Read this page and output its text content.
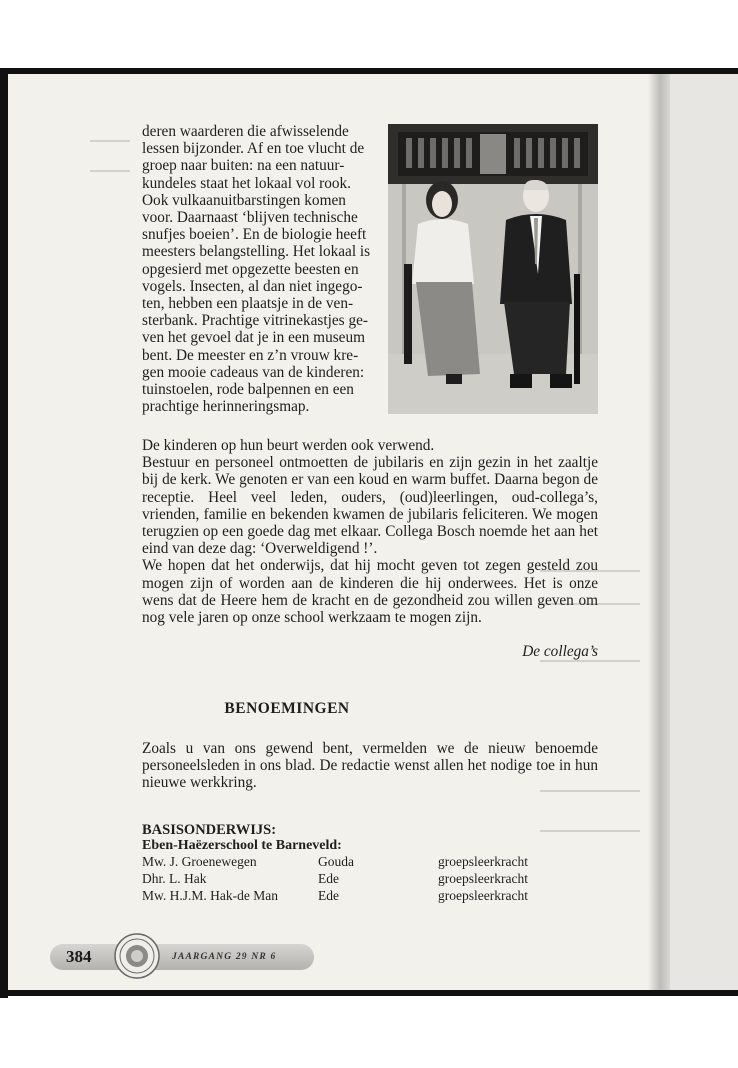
deren waarderen die afwisselende

lessen bijzonder. Af en toe vlucht de

groep naar buiten: na een natuur-

kundeles staat het lokaal vol rook.

Ook vulkaanuitbarstingen komen

voor. Daarnaast ‘blijven technische

snufjes boeien’. En de biologie heeft

meesters belangstelling. Het lokaal is

opgesierd met opgezette beesten en

vogels. Insecten, al dan niet ingego-

ten, hebben een plaatsje in de ven-

sterbank. Prachtige vitrinekastjes ge-

ven het gevoel dat je in een museum

bent. De meester en z’n vrouw kre-

gen mooie cadeaus van de kinderen:

tuinstoelen, rode balpennen en een

prachtige herinneringsmap.

De kinderen op hun beurt werden ook verwend.

Bestuur en personeel ontmoetten de jubilaris en zijn gezin in het zaaltje bij de kerk. We genoten er van een koud en warm buffet. Daarna begon de receptie. Heel veel leden, ouders, (oud)leerlingen, oud-collega’s, vrienden, familie en bekenden kwamen de jubilaris feliciteren. We mogen terugzien op een goede dag met elkaar. Collega Bosch noemde het aan het eind van deze dag: ‘Overweldigend !’.

We hopen dat het onderwijs, dat hij mocht geven tot zegen gesteld zou mogen zijn of worden aan de kinderen die hij onderwees. Het is onze wens dat de Heere hem de kracht en de gezondheid zou willen geven om nog vele jaren op onze school werkzaam te mogen zijn.

De collega’s
BENOEMINGEN
Zoals u van ons gewend bent, vermelden we de nieuw benoemde personeelsleden in ons blad. De redactie wenst allen het nodige toe in hun nieuwe werkkring.
BASISONDERWIJS:
Eben-Haëzerschool te Barneveld:
Mw. J. Groenewegen	Gouda	groepsleerkracht
Dhr. L. Hak	Ede	groepsleerkracht
Mw. H.J.M. Hak-de Man	Ede	groepsleerkracht
384	JAARGANG 29 NR 6
